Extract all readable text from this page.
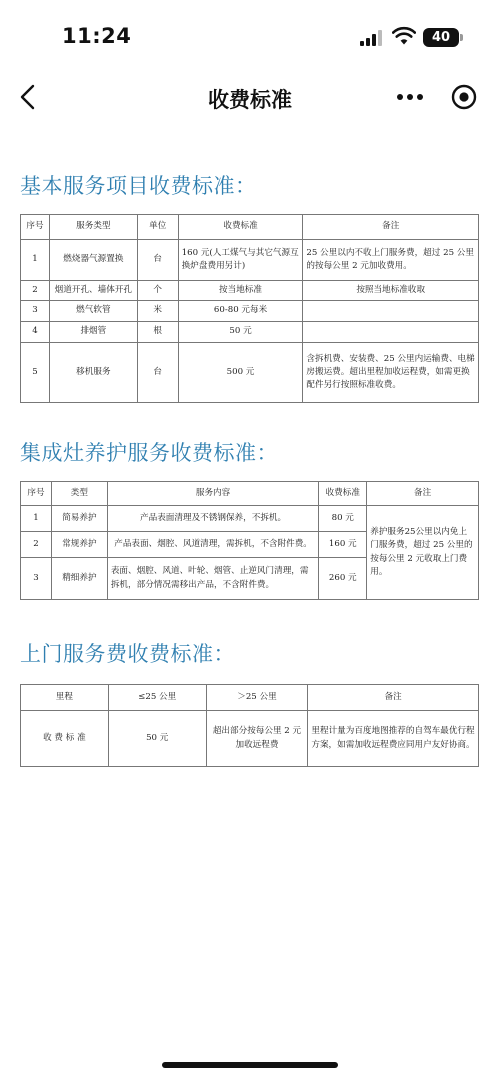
11:24	40
收费标准
基本服务项目收费标准：
序号	服务类型	单位	收费标准	备注
1	燃烧器气源置换	台	160 元(人工煤气与其它气源互换炉盘费用另计)	25 公里以内不收上门服务费，超过 25 公里的按每公里 2 元加收费用。
2	烟道开孔、墙体开孔	个	按当地标准	按照当地标准收取
3	燃气软管	米	60-80 元每米	
4	排烟管	根	50 元	
5	移机服务	台	500 元	含拆机费、安装费、25 公里内运输费、电梯房搬运费。超出里程加收运程费，如需更换配件另行按照标准收费。
集成灶养护服务收费标准：
序号	类型	服务内容	收费标准	备注
1	简易养护	产品表面清理及不锈钢保养，不拆机。	80 元	养护服务25公里以内免上门服务费，超过 25 公里的按每公里 2 元收取上门费用。
2	常规养护	产品表面、烟腔、风道清理，需拆机，不含附件费。	160 元	
3	精细养护	表面、烟腔、风道、叶轮、烟管、止逆风门清理，需拆机，部分情况需移出产品，不含附件费。	260 元	
上门服务费收费标准：
里程	≤25 公里	＞25 公里	备注
收 费 标 准	50 元	超出部分按每公里 2 元加收远程费	里程计量为百度地图推荐的自驾车最优行程方案，如需加收远程费应同用户友好协商。
